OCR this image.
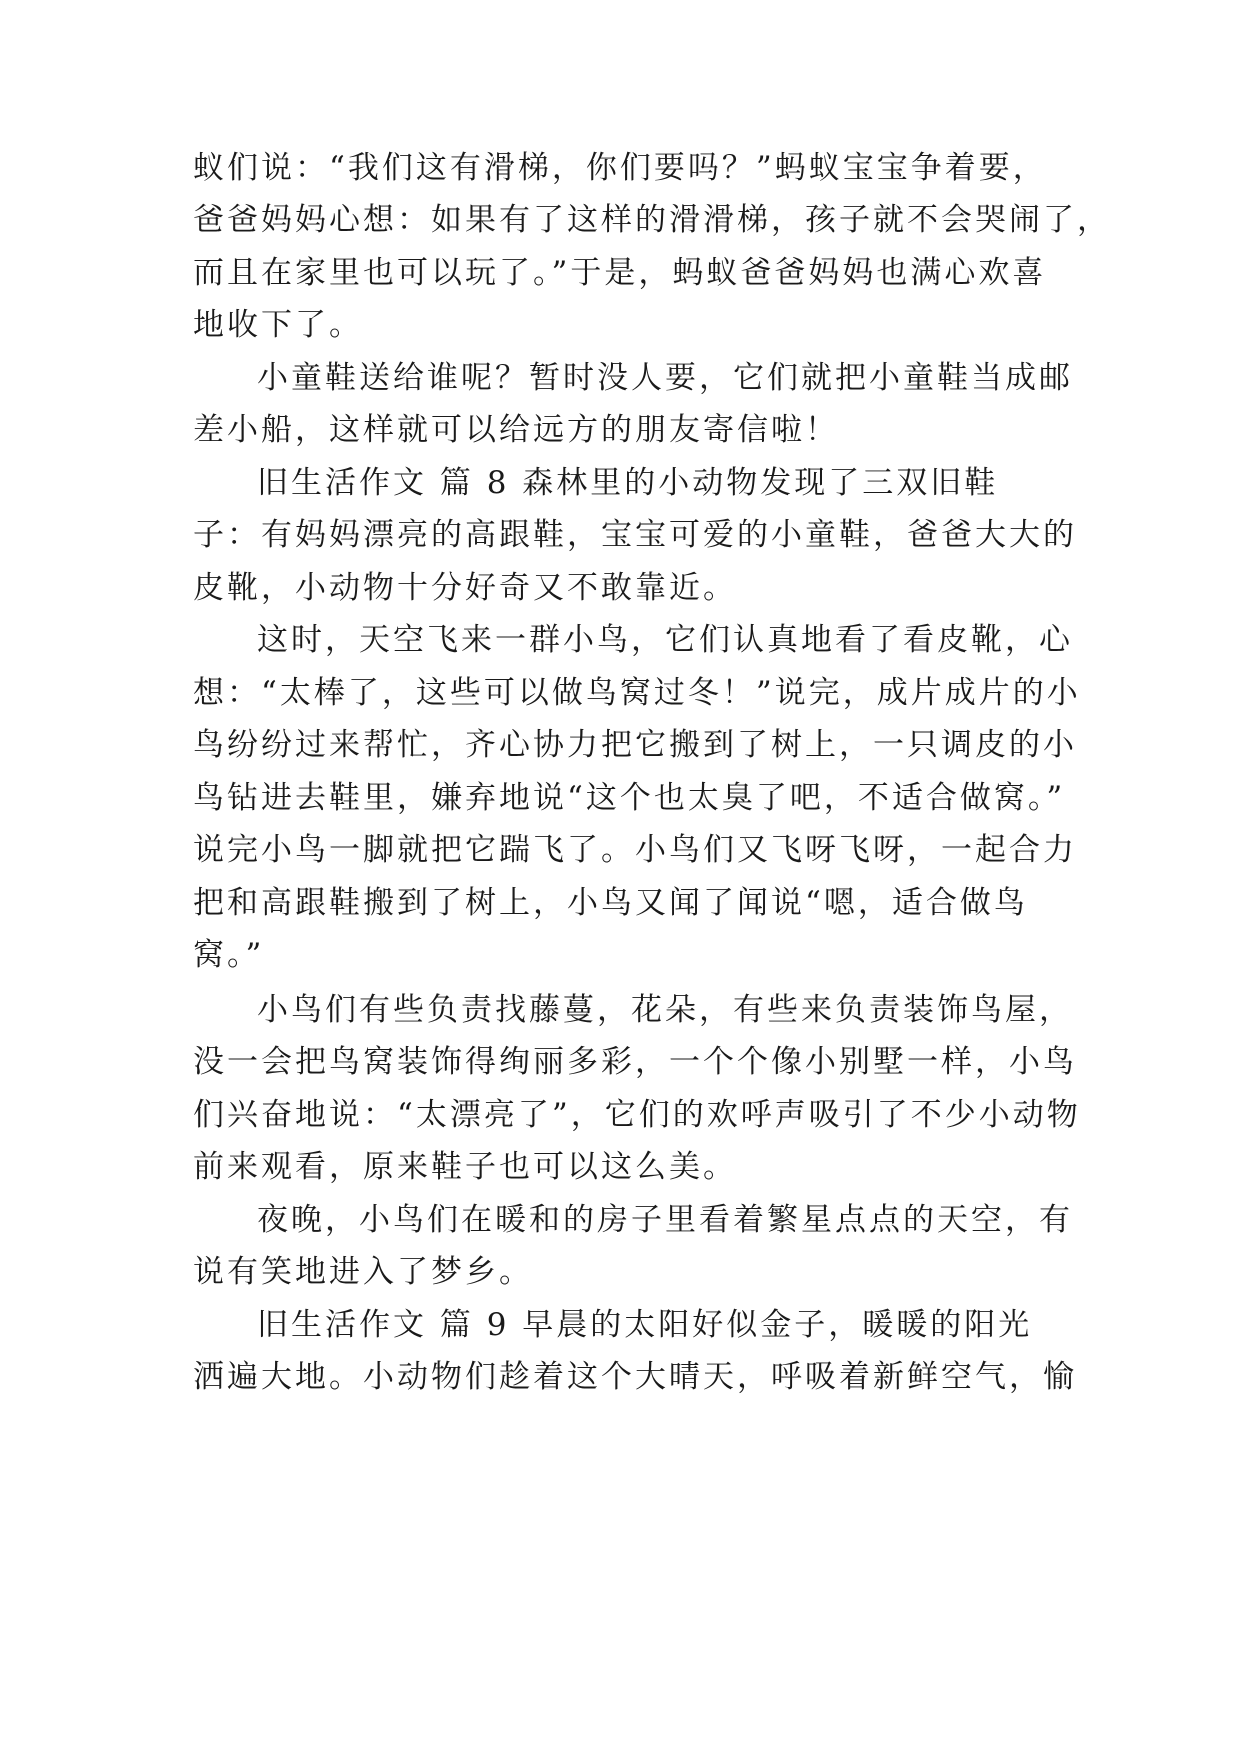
蚁们说：“我们这有滑梯，你们要吗？”蚂蚁宝宝争着要，
爸爸妈妈心想：如果有了这样的滑滑梯，孩子就不会哭闹了，
而且在家里也可以玩了。”于是，蚂蚁爸爸妈妈也满心欢喜
地收下了。
小童鞋送给谁呢？暂时没人要，它们就把小童鞋当成邮
差小船，这样就可以给远方的朋友寄信啦！
旧生活作文 篇 8 森林里的小动物发现了三双旧鞋
子：有妈妈漂亮的高跟鞋，宝宝可爱的小童鞋，爸爸大大的
皮靴，小动物十分好奇又不敢靠近。
这时，天空飞来一群小鸟，它们认真地看了看皮靴，心
想：“太棒了，这些可以做鸟窝过冬！”说完，成片成片的小
鸟纷纷过来帮忙，齐心协力把它搬到了树上，一只调皮的小
鸟钻进去鞋里，嫌弃地说“这个也太臭了吧，不适合做窝。”
说完小鸟一脚就把它踹飞了。小鸟们又飞呀飞呀，一起合力
把和高跟鞋搬到了树上，小鸟又闻了闻说“嗯，适合做鸟
窝。”
小鸟们有些负责找藤蔓，花朵，有些来负责装饰鸟屋，
没一会把鸟窝装饰得绚丽多彩，一个个像小别墅一样，小鸟
们兴奋地说：“太漂亮了”，它们的欢呼声吸引了不少小动物
前来观看，原来鞋子也可以这么美。
夜晚，小鸟们在暖和的房子里看着繁星点点的天空，有
说有笑地进入了梦乡。
旧生活作文 篇 9 早晨的太阳好似金子，暖暖的阳光
洒遍大地。小动物们趁着这个大晴天，呼吸着新鲜空气，愉
